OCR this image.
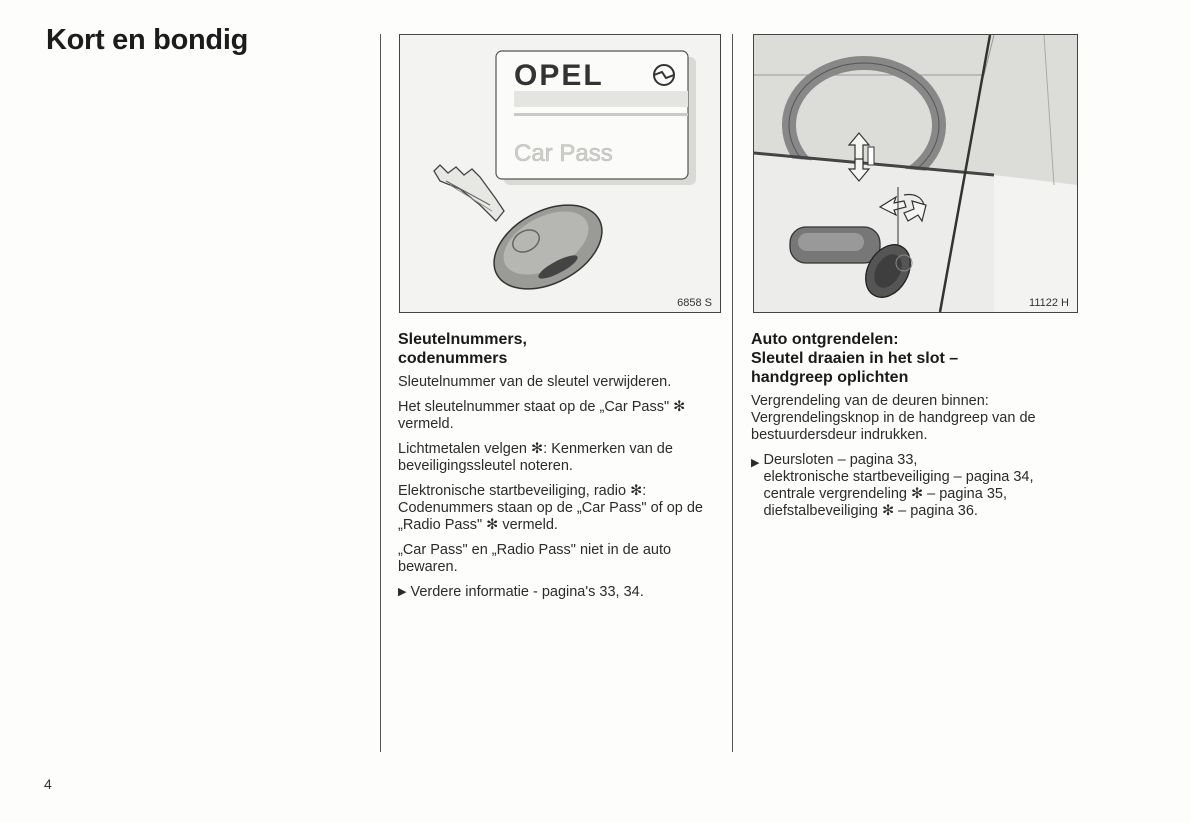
Kort en bondig
OPEL
Car Pass
6858 S	11122 H
Sleutelnummers,
codenummers

Sleutelnummer van de sleutel verwijderen.

Het sleutelnummer staat op de „Car Pass" ✻ vermeld.

Lichtmetalen velgen ✻: Kenmerken van de beveiligingssleutel noteren.

Elektronische startbeveiliging, radio ✻: Codenummers staan op de „Car Pass" of op de „Radio Pass" ✻ vermeld.

„Car Pass" en „Radio Pass" niet in de auto bewaren.

▶ Verdere informatie - pagina's 33, 34.

Auto ontgrendelen:
Sleutel draaien in het slot –
handgreep oplichten

Vergrendeling van de deuren binnen: Vergrendelingsknop in de handgreep van de bestuurdersdeur indrukken.

▶ Deursloten – pagina 33,
elektronische startbeveiliging – pagina 34,
centrale vergrendeling ✻ – pagina 35,
diefstalbeveiliging ✻ – pagina 36.

4
